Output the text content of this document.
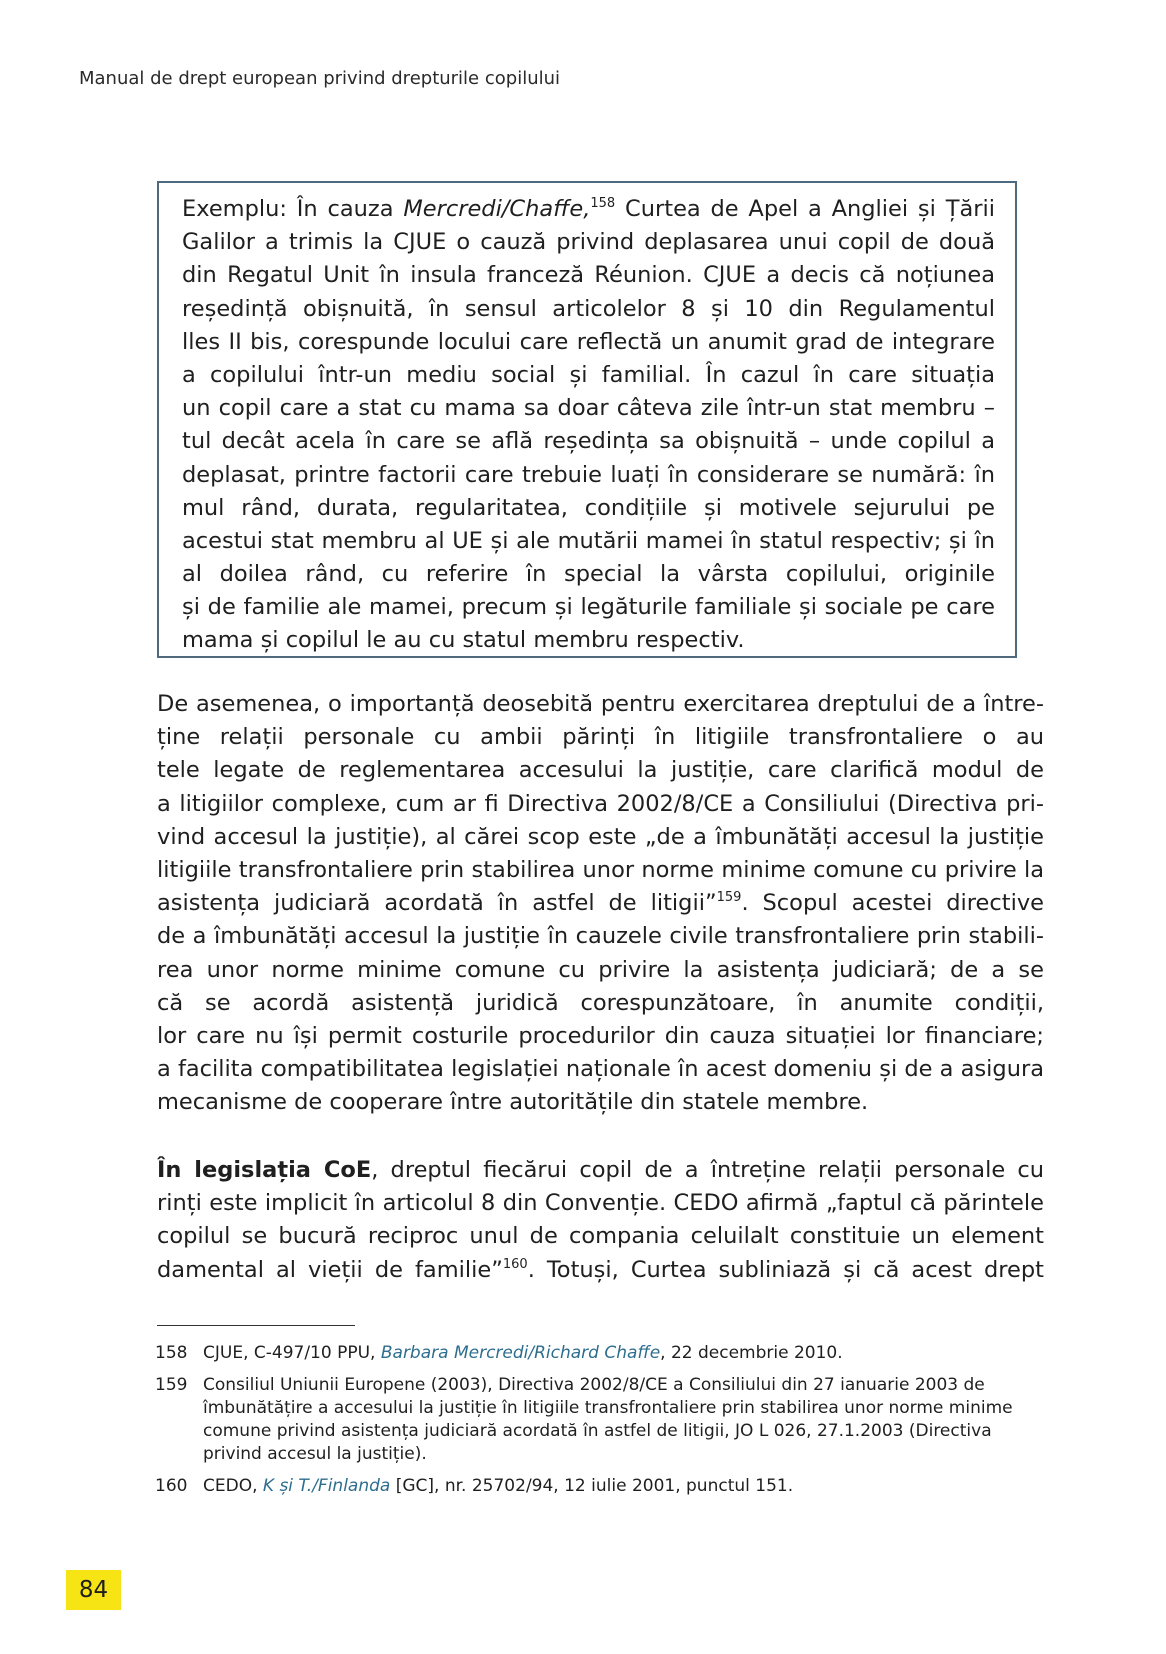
Manual de drept european privind drepturile copilului
Exemplu: În cauza Mercredi/Chaffe,$^{158}$ Curtea de Apel a Angliei și Țării
Galilor a trimis la CJUE o cauză privind deplasarea unui copil de două
din Regatul Unit în insula franceză Réunion. CJUE a decis că noțiunea
reședință obișnuită, în sensul articolelor 8 și 10 din Regulamentul
lles II bis, corespunde locului care reflectă un anumit grad de integrare
a copilului într-un mediu social și familial. În cazul în care situația
un copil care a stat cu mama sa doar câteva zile într-un stat membru –
tul decât acela în care se află reședința sa obișnuită – unde copilul a
deplasat, printre factorii care trebuie luați în considerare se numără: în
mul rând, durata, regularitatea, condițiile și motivele sejurului pe
acestui stat membru al UE și ale mutării mamei în statul respectiv; și în
al doilea rând, cu referire în special la vârsta copilului, originile
și de familie ale mamei, precum și legăturile familiale și sociale pe care
mama și copilul le au cu statul membru respectiv.
De asemenea, o importanță deosebită pentru exercitarea dreptului de a între-
ține relații personale cu ambii părinți în litigiile transfrontaliere o au
tele legate de reglementarea accesului la justiție, care clarifică modul de
a litigiilor complexe, cum ar fi Directiva 2002/8/CE a Consiliului (Directiva pri-
vind accesul la justiție), al cărei scop este „de a îmbunătăți accesul la justiție
litigiile transfrontaliere prin stabilirea unor norme minime comune cu privire la
asistența judiciară acordată în astfel de litigii”$^{159}$. Scopul acestei directive
de a îmbunătăți accesul la justiție în cauzele civile transfrontaliere prin stabili-
rea unor norme minime comune cu privire la asistența judiciară; de a se
că se acordă asistență juridică corespunzătoare, în anumite condiții,
lor care nu își permit costurile procedurilor din cauza situației lor financiare;
a facilita compatibilitatea legislației naționale în acest domeniu și de a asigura
mecanisme de cooperare între autoritățile din statele membre.
În legislația CoE, dreptul fiecărui copil de a întreține relații personale cu
rinți este implicit în articolul 8 din Convenție. CEDO afirmă „faptul că părintele
copilul se bucură reciproc unul de compania celuilalt constituie un element
damental al vieții de familie”$^{160}$. Totuși, Curtea subliniază și că acest drept
158 CJUE, C-497/10 PPU, Barbara Mercredi/Richard Chaffe, 22 decembrie 2010.
159 Consiliul Uniunii Europene (2003), Directiva 2002/8/CE a Consiliului din 27 ianuarie 2003 de îmbunătățire a accesului la justiție în litigiile transfrontaliere prin stabilirea unor norme minime comune privind asistența judiciară acordată în astfel de litigii, JO L 026, 27.1.2003 (Directiva privind accesul la justiție).
160 CEDO, K și T./Finlanda [GC], nr. 25702/94, 12 iulie 2001, punctul 151.
84
